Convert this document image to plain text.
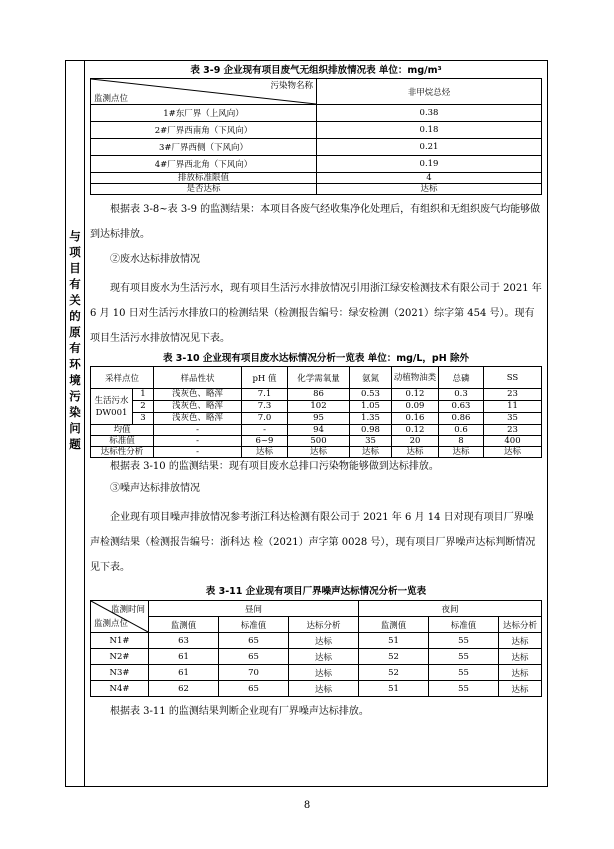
与项目有关的原有环境污染问题
表 3-9 企业现有项目废气无组织排放情况表 单位：mg/m³
污染物名称
监测点位	非甲烷总烃
1#东厂界（上风向）	0.38
2#厂界西南角（下风向）	0.18
3#厂界西侧（下风向）	0.21
4#厂界西北角（下风向）	0.19
排放标准限值	4
是否达标	达标

根据表 3-8~表 3-9 的监测结果：本项目各废气经收集净化处理后，有组织和无组织废气均能够做到达标排放。

②废水达标排放情况

现有项目废水为生活污水，现有项目生活污水排放情况引用浙江绿安检测技术有限公司于 2021 年 6 月 10 日对生活污水排放口的检测结果（检测报告编号：绿安检测（2021）综字第 454 号）。现有项目生活污水排放情况见下表。

表 3-10 企业现有项目废水达标情况分析一览表 单位：mg/L，pH 除外
采样点位		样品性状	pH 值	化学需氧量	氨氮	动植物油类	总磷	SS
生活污水DW001	1	浅灰色、略浑	7.1	86	0.53	0.12	0.3	23
	2	浅灰色、略浑	7.3	102	1.05	0.09	0.63	11
	3	浅灰色、略浑	7.0	95	1.35	0.16	0.86	35
均值		-	-	94	0.98	0.12	0.6	23
标准值		-	6~9	500	35	20	8	400
达标性分析		-	达标	达标	达标	达标	达标	达标

根据表 3-10 的监测结果：现有项目废水总排口污染物能够做到达标排放。

③噪声达标排放情况

企业现有项目噪声排放情况参考浙江科达检测有限公司于 2021 年 6 月 14 日对现有项目厂界噪声检测结果（检测报告编号：浙科达 检（2021）声字第 0028 号），现有项目厂界噪声达标判断情况见下表。

表 3-11 企业现有项目厂界噪声达标情况分析一览表
监测时间
监测点位	昼间			夜间		
	监测值	标准值	达标分析	监测值	标准值	达标分析
N1#	63	65	达标	51	55	达标
N2#	61	65	达标	52	55	达标
N3#	61	70	达标	52	55	达标
N4#	62	65	达标	51	55	达标

根据表 3-11 的监测结果判断企业现有厂界噪声达标排放。

8
